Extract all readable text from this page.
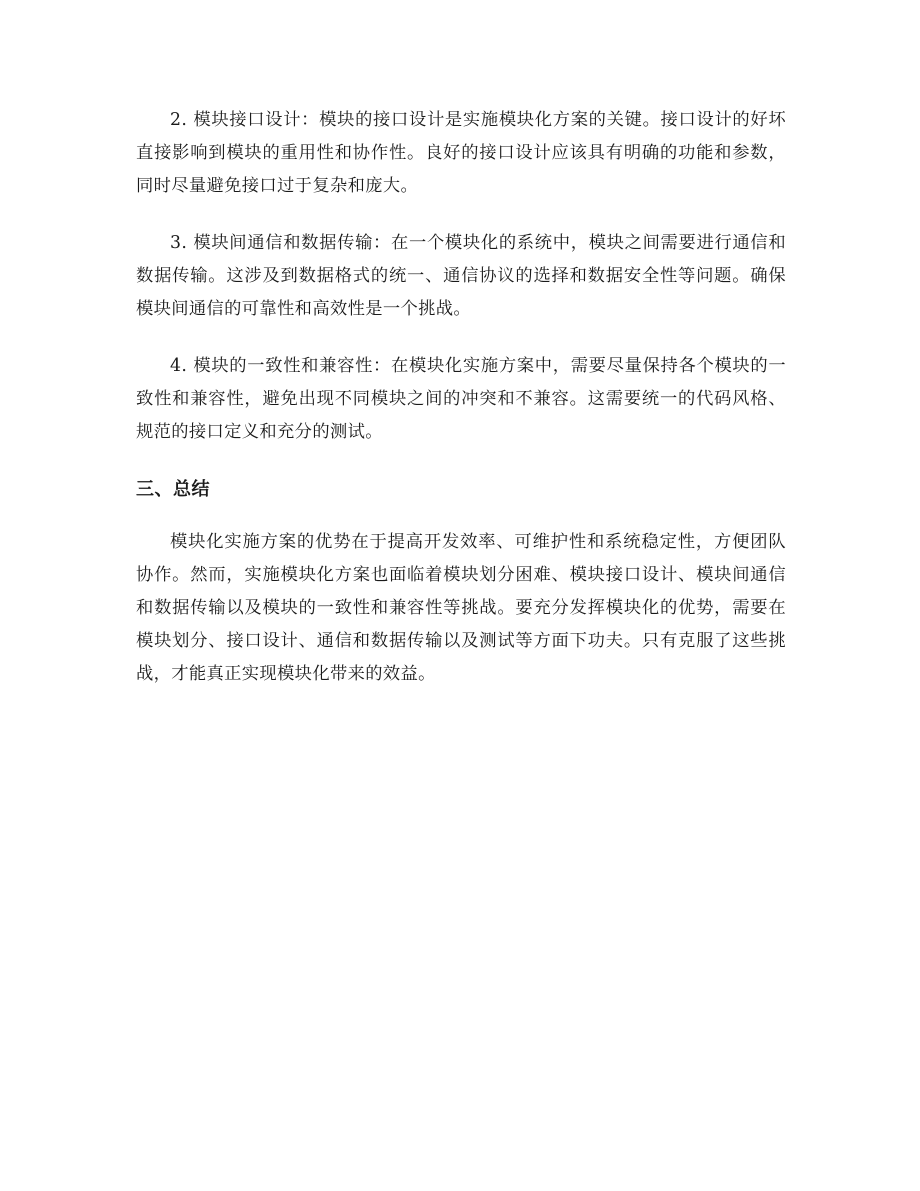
2. 模块接口设计：模块的接口设计是实施模块化方案的关键。接口设计的好坏直接影响到模块的重用性和协作性。良好的接口设计应该具有明确的功能和参数，同时尽量避免接口过于复杂和庞大。

3. 模块间通信和数据传输：在一个模块化的系统中，模块之间需要进行通信和数据传输。这涉及到数据格式的统一、通信协议的选择和数据安全性等问题。确保模块间通信的可靠性和高效性是一个挑战。

4. 模块的一致性和兼容性：在模块化实施方案中，需要尽量保持各个模块的一致性和兼容性，避免出现不同模块之间的冲突和不兼容。这需要统一的代码风格、规范的接口定义和充分的测试。

三、总结

模块化实施方案的优势在于提高开发效率、可维护性和系统稳定性，方便团队协作。然而，实施模块化方案也面临着模块划分困难、模块接口设计、模块间通信和数据传输以及模块的一致性和兼容性等挑战。要充分发挥模块化的优势，需要在模块划分、接口设计、通信和数据传输以及测试等方面下功夫。只有克服了这些挑战，才能真正实现模块化带来的效益。
